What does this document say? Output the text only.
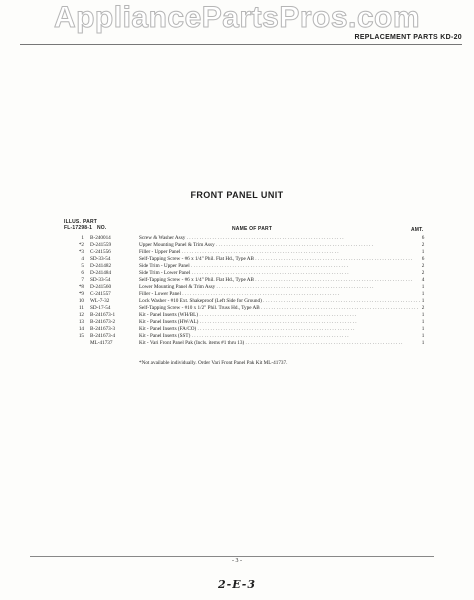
AppliancePartsPros.com
REPLACEMENT PARTS KD-20
FRONT PANEL UNIT
ILLUS.
FL-17298-1
PART
NO.	NAME OF PART	AMT.
1 B-240014	Screw & Washer Assy . . . . . . . . . . . . . . . . . . . . . . . . . . . . . . . . . . . . . . . . . . . . . . . . . . . . . . . . . . . . .	6
*2 D-241559	Upper Mounting Panel & Trim Assy . . . . . . . . . . . . . . . . . . . . . . . . . . . . . . . . . . . . . . . . . . . . . . . . . . . . . . . . . . . . .	2
*3 C-241556	Filler - Upper Panel . . . . . . . . . . . . . . . . . . . . . . . . . . . . . . . . . . . . . . . . . . . . . . . . . . . . . . . . . . . . .	1
4 SD-33-54	Self-Tapping Screw - #6 x 1/4" Phil. Flat Hd., Type AB . . . . . . . . . . . . . . . . . . . . . . . . . . . . . . . . . . . . . . . . . . . . . . . . . . . . . . . . . . . . .	6
5 D-241482	Side Trim - Upper Panel . . . . . . . . . . . . . . . . . . . . . . . . . . . . . . . . . . . . . . . . . . . . . . . . . . . . . . . . . . . . .	2
6 D-241484	Side Trim - Lower Panel . . . . . . . . . . . . . . . . . . . . . . . . . . . . . . . . . . . . . . . . . . . . . . . . . . . . . . . . . . . . .	2
7 SD-33-54	Self-Tapping Screw - #6 x 1/4" Phil. Flat Hd., Type AB . . . . . . . . . . . . . . . . . . . . . . . . . . . . . . . . . . . . . . . . . . . . . . . . . . . . . . . . . . . . .	4
*8 D-241560	Lower Mounting Panel & Trim Assy . . . . . . . . . . . . . . . . . . . . . . . . . . . . . . . . . . . . . . . . . . . . . . . . . . . . . . . . . . . . .	1
*9 C-241557	Filler - Lower Panel . . . . . . . . . . . . . . . . . . . . . . . . . . . . . . . . . . . . . . . . . . . . . . . . . . . . . . . . . . . . .	1
10 WL-7-32	Lock Washer - #10 Ext. Shakeproof (Left Side for Ground) . . . . . . . . . . . . . . . . . . . . . . . . . . . . . . . . . . . . . . . . . . . . . . . . . . . . . . . . . . . . . 1
11 SD-17-54	Self-Tapping Screw - #10 x 1/2" Phil. Truss Hd., Type AB . . . . . . . . . . . . . . . . . . . . . . . . . . . . . . . . . . . . . . . . . . . . . . . . . . . . . . . . . . . . . 2
12 B-241673-1	Kit - Panel Inserts (WH/BL) . . . . . . . . . . . . . . . . . . . . . . . . . . . . . . . . . . . . . . . . . . . . . . . . . . . . . . . . . . . . .	1
13 B-241673-2	Kit - Panel Inserts (HW/AL) . . . . . . . . . . . . . . . . . . . . . . . . . . . . . . . . . . . . . . . . . . . . . . . . . . . . . . . . . . . . .	1
14 B-241673-3	Kit - Panel Inserts (FA/CO) . . . . . . . . . . . . . . . . . . . . . . . . . . . . . . . . . . . . . . . . . . . . . . . . . . . . . . . . . . . . .	1
15 B-241673-4	Kit - Panel Inserts (SST) . . . . . . . . . . . . . . . . . . . . . . . . . . . . . . . . . . . . . . . . . . . . . . . . . . . . . . . . . . . . .	1
ML-41737	Kit - Vari Front Panel Pak (Incls. items #1 thru 13) . . . . . . . . . . . . . . . . . . . . . . . . . . . . . . . . . . . . . . . . . . . . . . . . . . . . . . . . . . . . .	1
*Not available individually. Order Vari Front Panel Pak Kit ML-41737.
- 3 -
2-E-3
